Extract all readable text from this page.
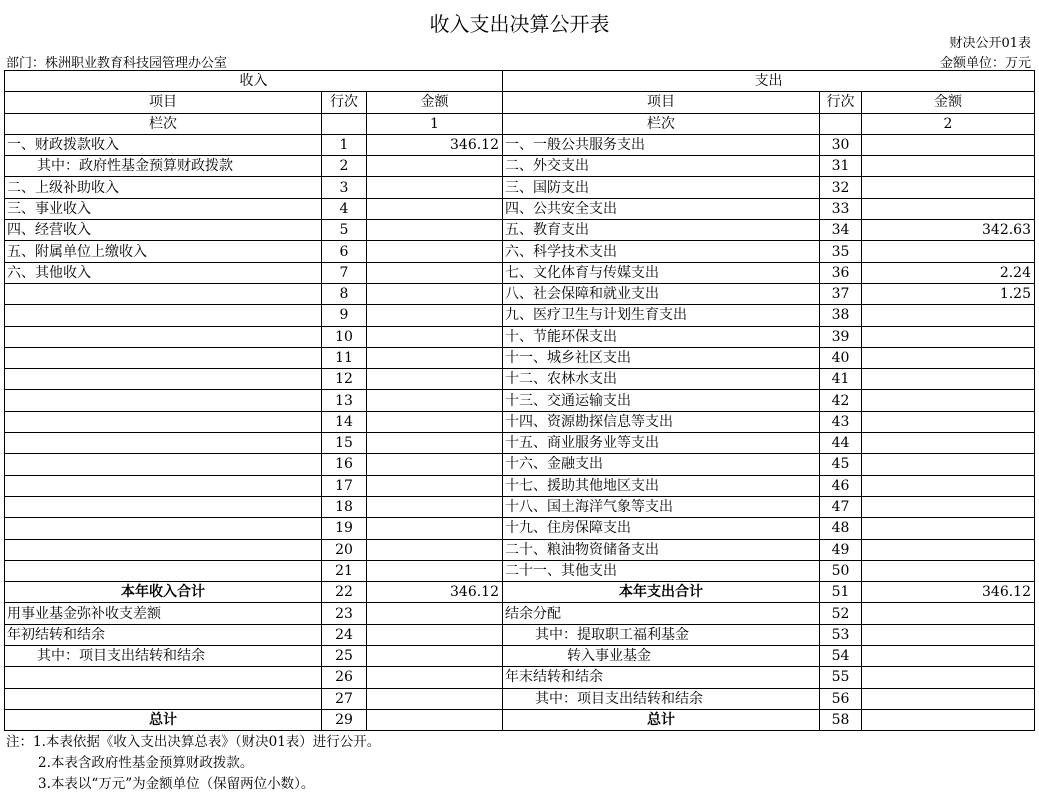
收入支出决算公开表
财决公开01表
部门：株洲职业教育科技园管理办公室	金额单位：万元
收入			支出		
项目	行次	金额	项目	行次	金额
栏次		1	栏次		2
一、财政拨款收入	1	346.12	一、一般公共服务支出	30	
其中：政府性基金预算财政拨款	2		二、外交支出	31	
二、上级补助收入	3		三、国防支出	32	
三、事业收入	4		四、公共安全支出	33	
四、经营收入	5		五、教育支出	34	342.63
五、附属单位上缴收入	6		六、科学技术支出	35	
六、其他收入	7		七、文化体育与传媒支出	36	2.24
	8		八、社会保障和就业支出	37	1.25
	9		九、医疗卫生与计划生育支出	38	
	10		十、节能环保支出	39	
	11		十一、城乡社区支出	40	
	12		十二、农林水支出	41	
	13		十三、交通运输支出	42	
	14		十四、资源勘探信息等支出	43	
	15		十五、商业服务业等支出	44	
	16		十六、金融支出	45	
	17		十七、援助其他地区支出	46	
	18		十八、国土海洋气象等支出	47	
	19		十九、住房保障支出	48	
	20		二十、粮油物资储备支出	49	
	21		二十一、其他支出	50	
本年收入合计	22	346.12	本年支出合计	51	346.12
用事业基金弥补收支差额	23		结余分配	52	
年初结转和结余	24		其中：提取职工福利基金	53	
其中：项目支出结转和结余	25		转入事业基金	54	
	26		年末结转和结余	55	
	27		其中：项目支出结转和结余	56	
总计	29		总计	58	
注：1.本表依据《收入支出决算总表》（财决01表）进行公开。
2.本表含政府性基金预算财政拨款。
3.本表以“万元”为金额单位（保留两位小数）。
